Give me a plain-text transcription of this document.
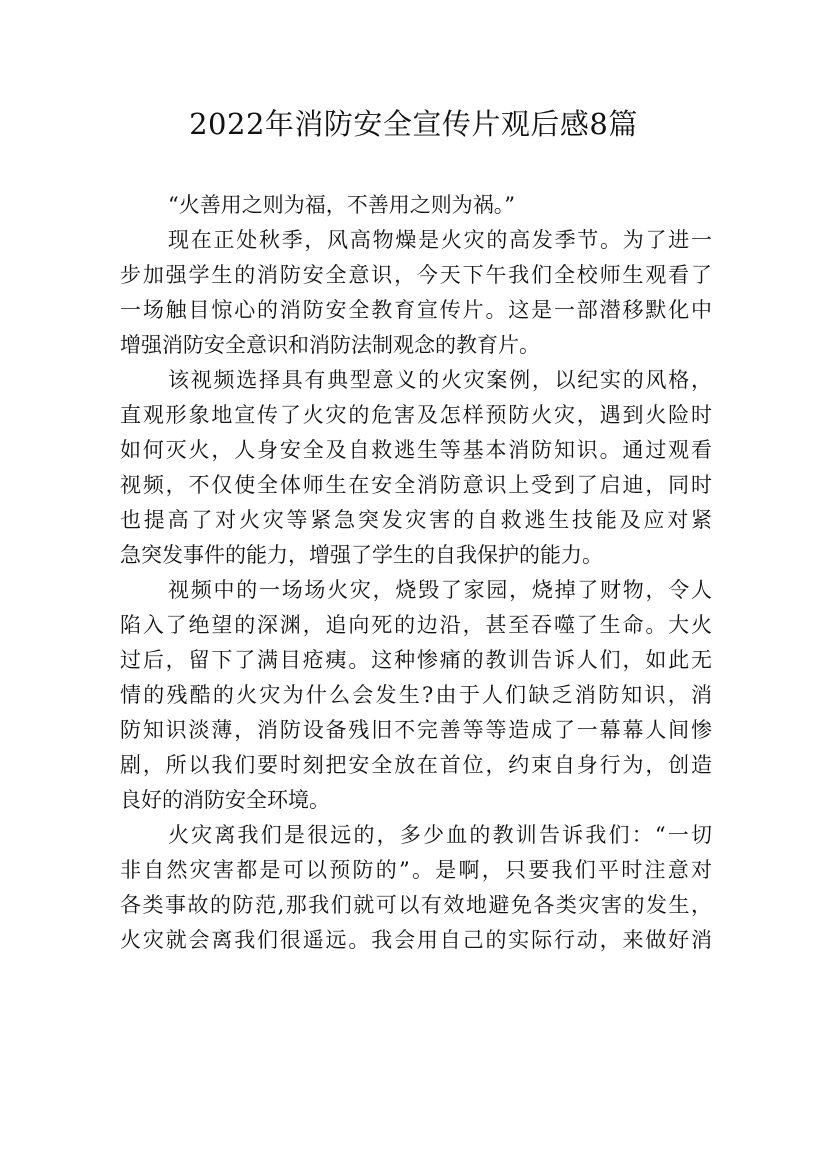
2022年消防安全宣传片观后感8篇
“火善用之则为福，不善用之则为祸。”
现在正处秋季，风高物燥是火灾的高发季节。为了进一
步加强学生的消防安全意识，今天下午我们全校师生观看了
一场触目惊心的消防安全教育宣传片。这是一部潜移默化中
增强消防安全意识和消防法制观念的教育片。
该视频选择具有典型意义的火灾案例，以纪实的风格，
直观形象地宣传了火灾的危害及怎样预防火灾，遇到火险时
如何灭火，人身安全及自救逃生等基本消防知识。通过观看
视频，不仅使全体师生在安全消防意识上受到了启迪，同时
也提高了对火灾等紧急突发灾害的自救逃生技能及应对紧
急突发事件的能力，增强了学生的自我保护的能力。
视频中的一场场火灾，烧毁了家园，烧掉了财物，令人
陷入了绝望的深渊，追向死的边沿，甚至吞噬了生命。大火
过后，留下了满目疮痍。这种惨痛的教训告诉人们，如此无
情的残酷的火灾为什么会发生?由于人们缺乏消防知识，消
防知识淡薄，消防设备残旧不完善等等造成了一幕幕人间惨
剧，所以我们要时刻把安全放在首位，约束自身行为，创造
良好的消防安全环境。
火灾离我们是很远的，多少血的教训告诉我们：“一切
非自然灾害都是可以预防的”。是啊，只要我们平时注意对
各类事故的防范,那我们就可以有效地避免各类灾害的发生，
火灾就会离我们很遥远。我会用自己的实际行动，来做好消
